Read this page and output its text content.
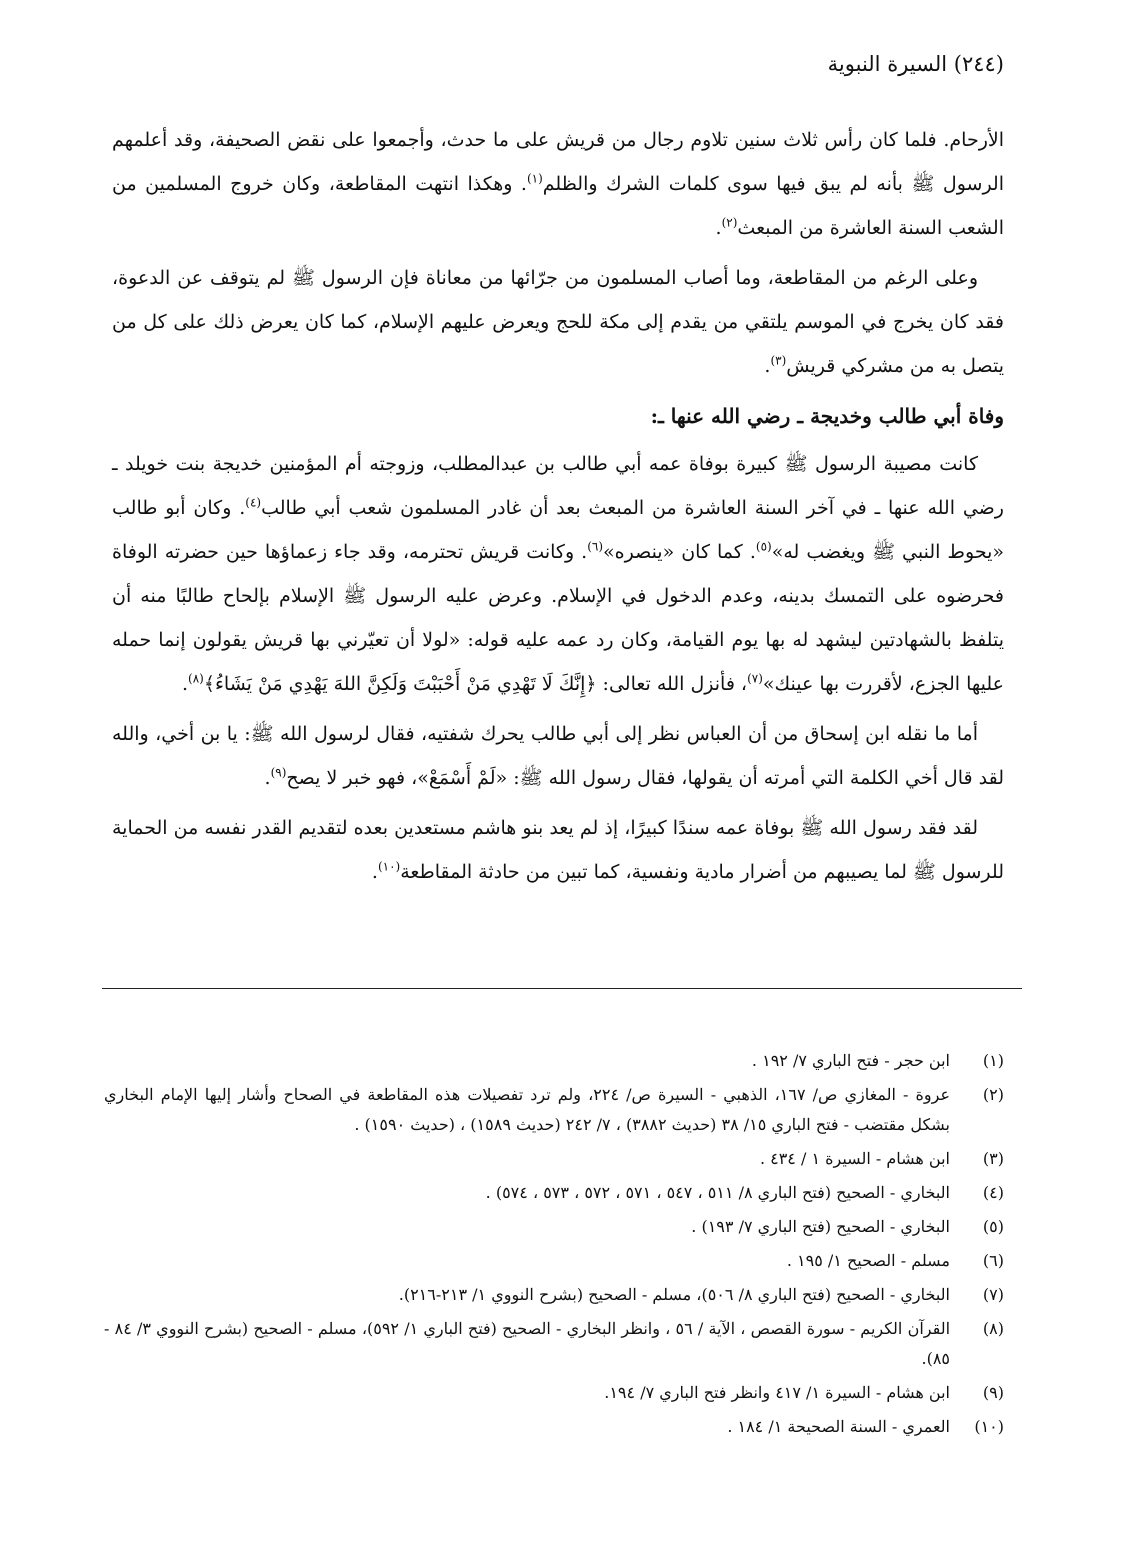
(٢٤٤) السيرة النبوية

الأرحام. فلما كان رأس ثلاث سنين تلاوم رجال من قريش على ما حدث، وأجمعوا على نقض الصحيفة، وقد أعلمهم الرسول ﷺ بأنه لم يبق فيها سوى كلمات الشرك والظلم$^{(١)}$. وهكذا انتهت المقاطعة، وكان خروج المسلمين من الشعب السنة العاشرة من المبعث$^{(٢)}$.

وعلى الرغم من المقاطعة، وما أصاب المسلمون من جرّائها من معاناة فإن الرسول ﷺ لم يتوقف عن الدعوة، فقد كان يخرج في الموسم يلتقي من يقدم إلى مكة للحج ويعرض عليهم الإسلام، كما كان يعرض ذلك على كل من يتصل به من مشركي قريش$^{(٣)}$.

وفاة أبي طالب وخديجة ـ رضي الله عنها ـ:

كانت مصيبة الرسول ﷺ كبيرة بوفاة عمه أبي طالب بن عبدالمطلب، وزوجته أم المؤمنين خديجة بنت خويلد ـ رضي الله عنها ـ في آخر السنة العاشرة من المبعث بعد أن غادر المسلمون شعب أبي طالب$^{(٤)}$. وكان أبو طالب «يحوط النبي ﷺ ويغضب له»$^{(٥)}$. كما كان «ينصره»$^{(٦)}$. وكانت قريش تحترمه، وقد جاء زعماؤها حين حضرته الوفاة فحرضوه على التمسك بدينه، وعدم الدخول في الإسلام. وعرض عليه الرسول ﷺ الإسلام بإلحاح طالبًا منه أن يتلفظ بالشهادتين ليشهد له بها يوم القيامة، وكان رد عمه عليه قوله: «لولا أن تعيّرني بها قريش يقولون إنما حمله عليها الجزع، لأقررت بها عينك»$^{(٧)}$، فأنزل الله تعالى: ﴿إِنَّكَ لَا تَهْدِي مَنْ أَحْبَبْتَ وَلَكِنَّ اللهَ يَهْدِي مَنْ يَشَاءُ﴾$^{(٨)}$.

أما ما نقله ابن إسحاق من أن العباس نظر إلى أبي طالب يحرك شفتيه، فقال لرسول الله ﷺ: يا بن أخي، والله لقد قال أخي الكلمة التي أمرته أن يقولها، فقال رسول الله ﷺ: «لَمْ أَسْمَعْ»، فهو خبر لا يصح$^{(٩)}$.

لقد فقد رسول الله ﷺ بوفاة عمه سندًا كبيرًا، إذ لم يعد بنو هاشم مستعدين بعده لتقديم القدر نفسه من الحماية للرسول ﷺ لما يصيبهم من أضرار مادية ونفسية، كما تبين من حادثة المقاطعة$^{(١٠)}$.

(١)
ابن حجر - فتح الباري ٧/ ١٩٢ .
(٢)
عروة - المغازي ص/ ١٦٧، الذهبي - السيرة ص/ ٢٢٤، ولم ترد تفصيلات هذه المقاطعة في الصحاح وأشار إليها الإمام البخاري بشكل مقتضب - فتح الباري ١٥/ ٣٨ (حديث ٣٨٨٢) ، ٧/ ٢٤٢ (حديث ١٥٨٩) ، (حديث ١٥٩٠) .
(٣)
ابن هشام - السيرة ١ / ٤٣٤ .
(٤)
البخاري - الصحيح (فتح الباري ٨/ ٥١١ ، ٥٤٧ ، ٥٧١ ، ٥٧٢ ، ٥٧٣ ، ٥٧٤) .
(٥)
البخاري - الصحيح (فتح الباري ٧/ ١٩٣) .
(٦)
مسلم - الصحيح ١/ ١٩٥ .
(٧)
البخاري - الصحيح (فتح الباري ٨/ ٥٠٦)، مسلم - الصحيح (بشرح النووي ١/ ٢١٣-٢١٦).
(٨)
القرآن الكريم - سورة القصص ، الآية / ٥٦ ، وانظر البخاري - الصحيح (فتح الباري ١/ ٥٩٢)، مسلم - الصحيح (بشرح النووي ٣/ ٨٤ - ٨٥).
(٩)
ابن هشام - السيرة ١/ ٤١٧ وانظر فتح الباري ٧/ ١٩٤.
(١٠)
العمري - السنة الصحيحة ١/ ١٨٤ .
